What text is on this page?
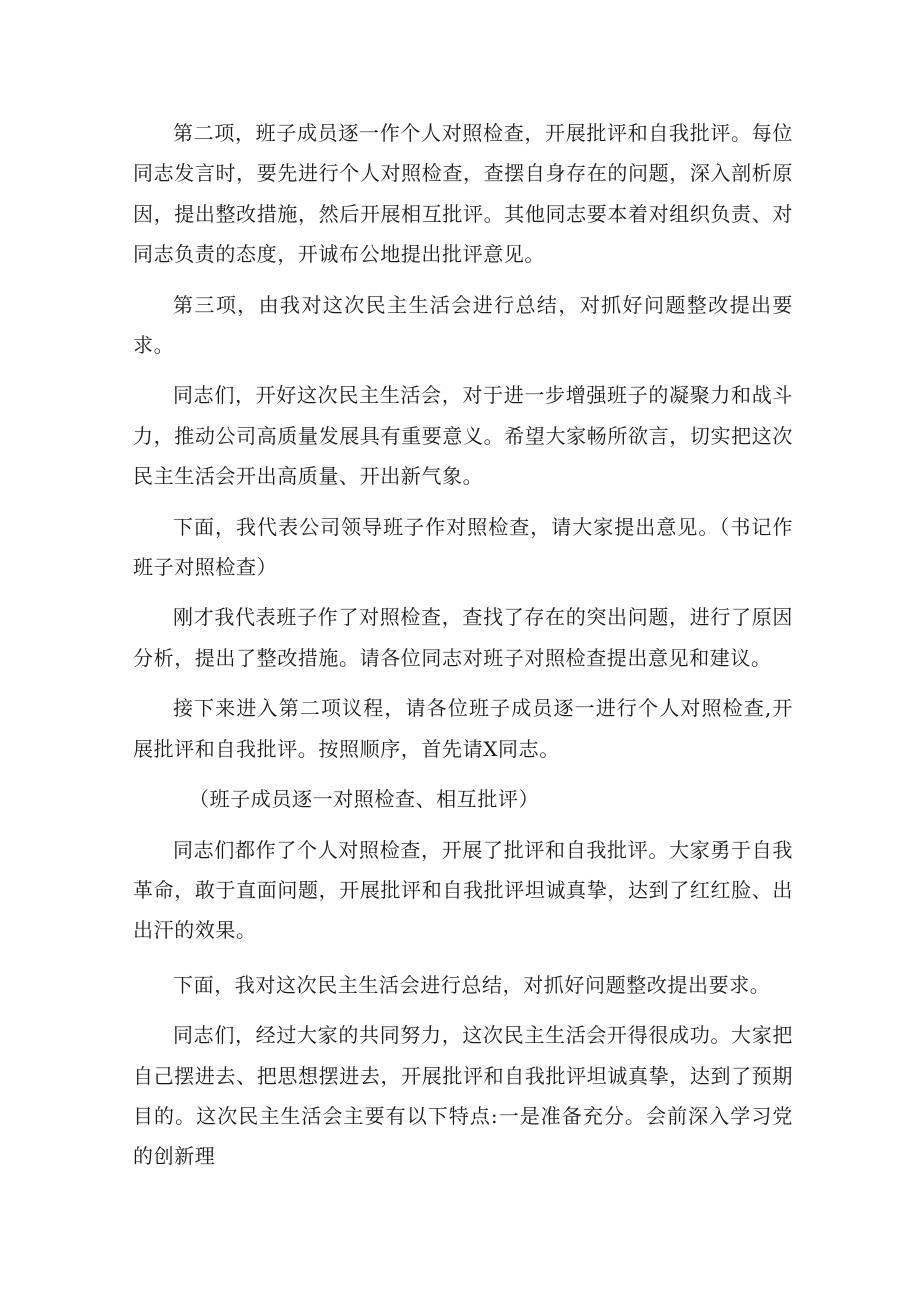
第二项，班子成员逐一作个人对照检查，开展批评和自我批评。每位同志发言时，要先进行个人对照检查，查摆自身存在的问题，深入剖析原因，提出整改措施，然后开展相互批评。其他同志要本着对组织负责、对同志负责的态度，开诚布公地提出批评意见。

第三项，由我对这次民主生活会进行总结，对抓好问题整改提出要求。

同志们，开好这次民主生活会，对于进一步增强班子的凝聚力和战斗力，推动公司高质量发展具有重要意义。希望大家畅所欲言，切实把这次民主生活会开出高质量、开出新气象。

下面，我代表公司领导班子作对照检查，请大家提出意见。（书记作班子对照检查）

刚才我代表班子作了对照检查，查找了存在的突出问题，进行了原因分析，提出了整改措施。请各位同志对班子对照检查提出意见和建议。

接下来进入第二项议程，请各位班子成员逐一进行个人对照检查,开展批评和自我批评。按照顺序，首先请X同志。

（班子成员逐一对照检查、相互批评）

同志们都作了个人对照检查，开展了批评和自我批评。大家勇于自我革命，敢于直面问题，开展批评和自我批评坦诚真挚，达到了红红脸、出出汗的效果。

下面，我对这次民主生活会进行总结，对抓好问题整改提出要求。

同志们，经过大家的共同努力，这次民主生活会开得很成功。大家把自己摆进去、把思想摆进去，开展批评和自我批评坦诚真挚，达到了预期目的。这次民主生活会主要有以下特点:一是准备充分。会前深入学习党的创新理
